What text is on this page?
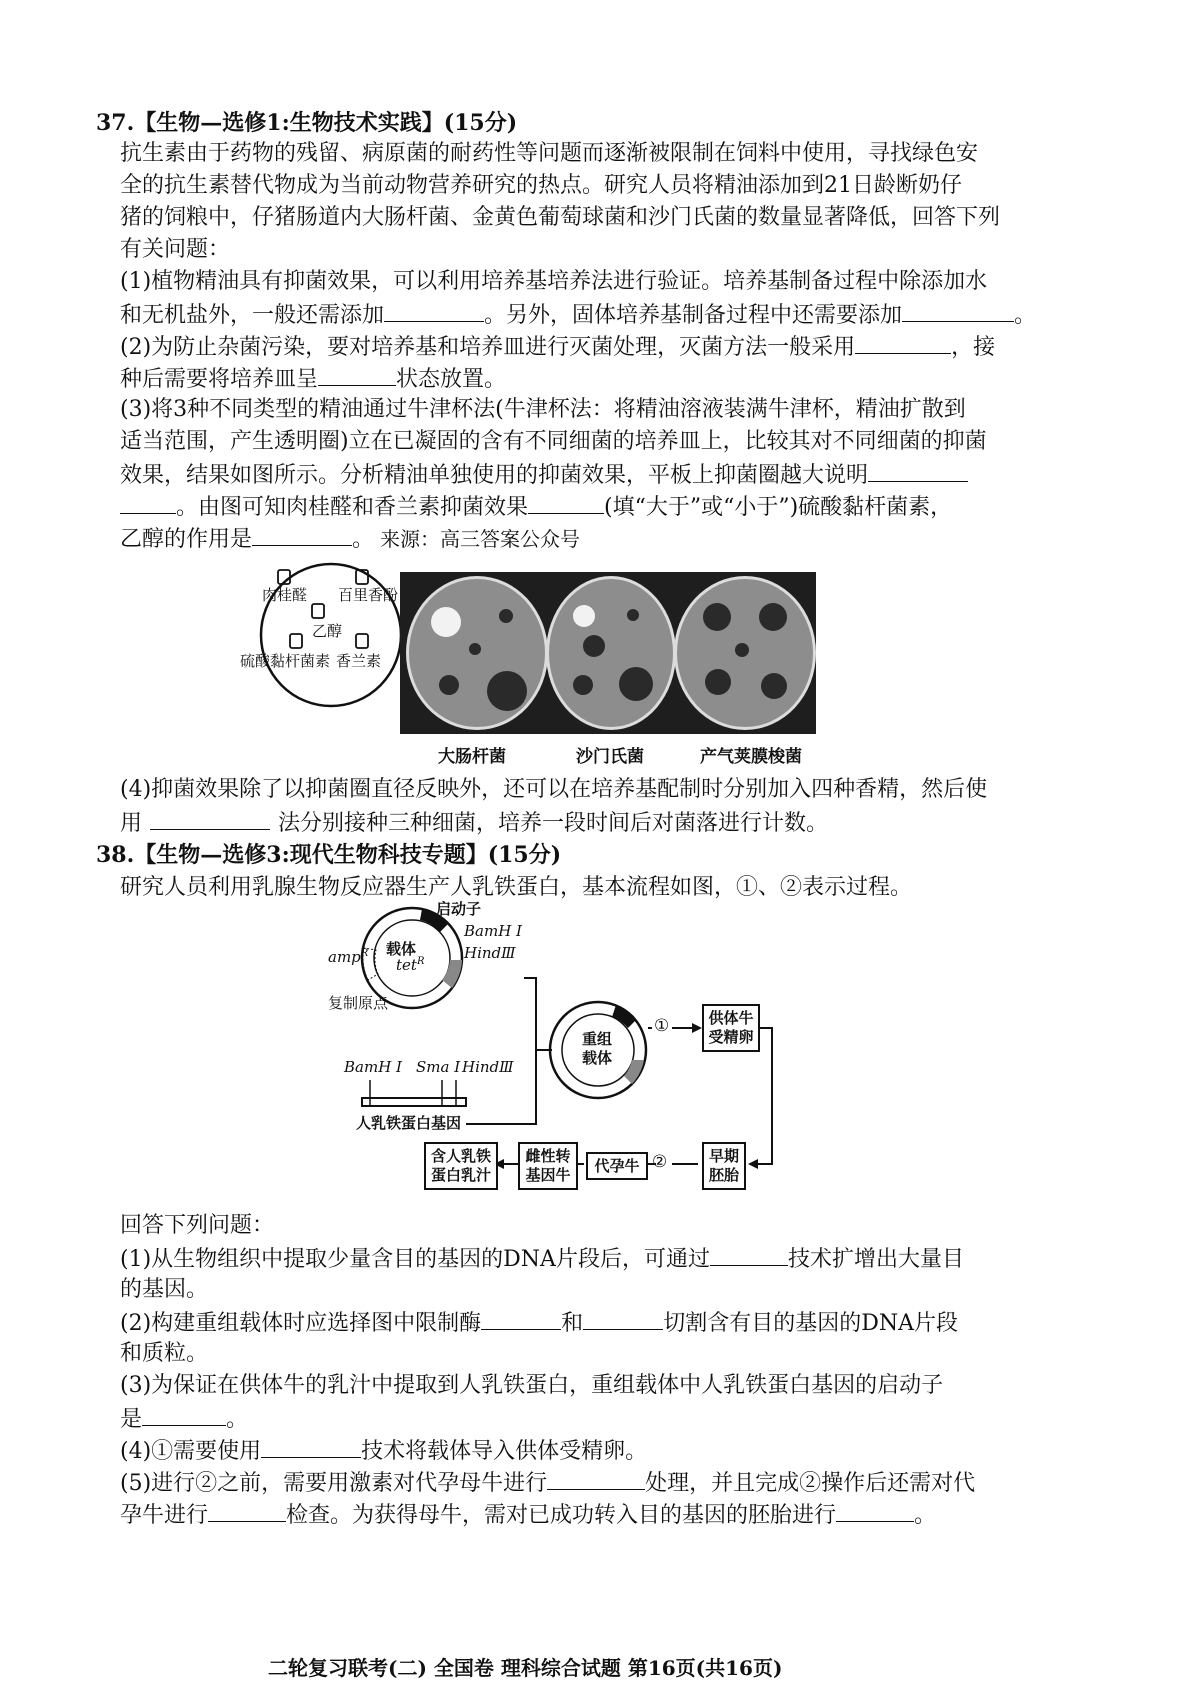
37.【生物—选修1:生物技术实践】(15分)
抗生素由于药物的残留、病原菌的耐药性等问题而逐渐被限制在饲料中使用，寻找绿色安
全的抗生素替代物成为当前动物营养研究的热点。研究人员将精油添加到21日龄断奶仔
猪的饲粮中，仔猪肠道内大肠杆菌、金黄色葡萄球菌和沙门氏菌的数量显著降低，回答下列
有关问题：
(1)植物精油具有抑菌效果，可以利用培养基培养法进行验证。培养基制备过程中除添加水
和无机盐外，一般还需添加	。另外，固体培养基制备过程中还需要添加	。
(2)为防止杂菌污染，要对培养基和培养皿进行灭菌处理，灭菌方法一般采用	，接
种后需要将培养皿呈	状态放置。
(3)将3种不同类型的精油通过牛津杯法(牛津杯法：将精油溶液装满牛津杯，精油扩散到
适当范围，产生透明圈)立在已凝固的含有不同细菌的培养皿上，比较其对不同细菌的抑菌
效果，结果如图所示。分析精油单独使用的抑菌效果，平板上抑菌圈越大说明
。由图可知肉桂醛和香兰素抑菌效果	(填“大于”或“小于”)硫酸黏杆菌素，
乙醇的作用是	。 来源：高三答案公众号
肉桂醛 百里香酚
乙醇
硫酸黏杆菌素 香兰素
大肠杆菌	沙门氏菌	产气荚膜梭菌
(4)抑菌效果除了以抑菌圈直径反映外，还可以在培养基配制时分别加入四种香精，然后使
用	法分别接种三种细菌，培养一段时间后对菌落进行计数。
38.【生物—选修3:现代生物科技专题】(15分)
研究人员利用乳腺生物反应器生产人乳铁蛋白，基本流程如图，①、②表示过程。
启动子
载体
tet$^R$
amp$^R$
BamH I
HindⅢ
复制原点
BamH I Sma I HindⅢ
人乳铁蛋白基因
重组
载体
①
②
供体牛
受精卵
早期
胚胎
代孕牛
雌性转
基因牛
含人乳铁
蛋白乳汁
回答下列问题：
(1)从生物组织中提取少量含目的基因的DNA片段后，可通过	技术扩增出大量目
的基因。
(2)构建重组载体时应选择图中限制酶	和	切割含有目的基因的DNA片段
和质粒。
(3)为保证在供体牛的乳汁中提取到人乳铁蛋白，重组载体中人乳铁蛋白基因的启动子
是	。
(4)①需要使用	技术将载体导入供体受精卵。
(5)进行②之前，需要用激素对代孕母牛进行	处理，并且完成②操作后还需对代
孕牛进行	检查。为获得母牛，需对已成功转入目的基因的胚胎进行	。
二轮复习联考(二) 全国卷 理科综合试题 第16页(共16页)
